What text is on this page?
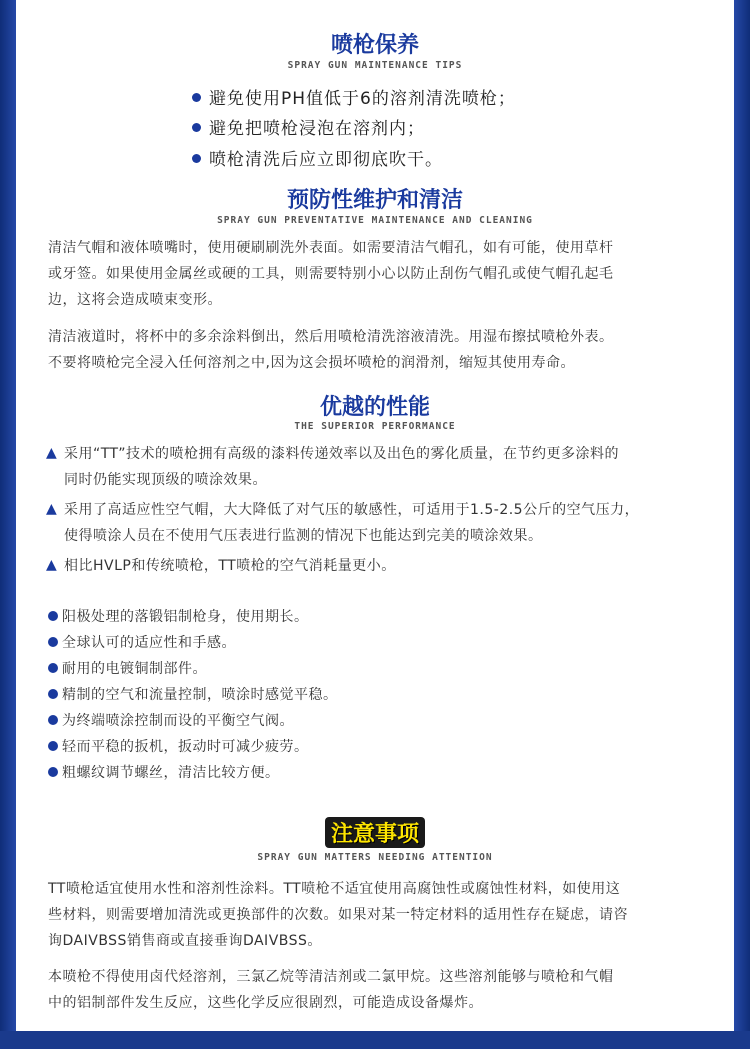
喷枪保养
SPRAY GUN MAINTENANCE TIPS
避免使用PH值低于6的溶剂清洗喷枪；
避免把喷枪浸泡在溶剂内；
喷枪清洗后应立即彻底吹干。
预防性维护和清洁
SPRAY GUN PREVENTATIVE MAINTENANCE AND CLEANING
清洁气帽和液体喷嘴时，使用硬刷刷洗外表面。如需要清洁气帽孔，如有可能，使用草杆
或牙签。如果使用金属丝或硬的工具，则需要特别小心以防止刮伤气帽孔或使气帽孔起毛
边，这将会造成喷束变形。
清洁液道时，将杯中的多余涂料倒出，然后用喷枪清洗溶液清洗。用湿布擦拭喷枪外表。
不要将喷枪完全浸入任何溶剂之中,因为这会损坏喷枪的润滑剂，缩短其使用寿命。
优越的性能
THE SUPERIOR PERFORMANCE
▲ 采用“TT”技术的喷枪拥有高级的漆料传递效率以及出色的雾化质量，在节约更多涂料的
同时仍能实现顶级的喷涂效果。
▲ 采用了高适应性空气帽，大大降低了对气压的敏感性，可适用于1.5-2.5公斤的空气压力，
使得喷涂人员在不使用气压表进行监测的情况下也能达到完美的喷涂效果。
▲ 相比HVLP和传统喷枪，TT喷枪的空气消耗量更小。
阳极处理的落锻铝制枪身，使用期长。
全球认可的适应性和手感。
耐用的电镀铜制部件。
精制的空气和流量控制，喷涂时感觉平稳。
为终端喷涂控制而设的平衡空气阀。
轻而平稳的扳机，扳动时可减少疲劳。
粗螺纹调节螺丝，清洁比较方便。
注意事项
SPRAY GUN MATTERS NEEDING ATTENTION
TT喷枪适宜使用水性和溶剂性涂料。TT喷枪不适宜使用高腐蚀性或腐蚀性材料，如使用这
些材料，则需要增加清洗或更换部件的次数。如果对某一特定材料的适用性存在疑虑，请咨
询DAIVBSS销售商或直接垂询DAIVBSS。
本喷枪不得使用卤代烃溶剂，三氯乙烷等清洁剂或二氯甲烷。这些溶剂能够与喷枪和气帽
中的铝制部件发生反应，这些化学反应很剧烈，可能造成设备爆炸。
